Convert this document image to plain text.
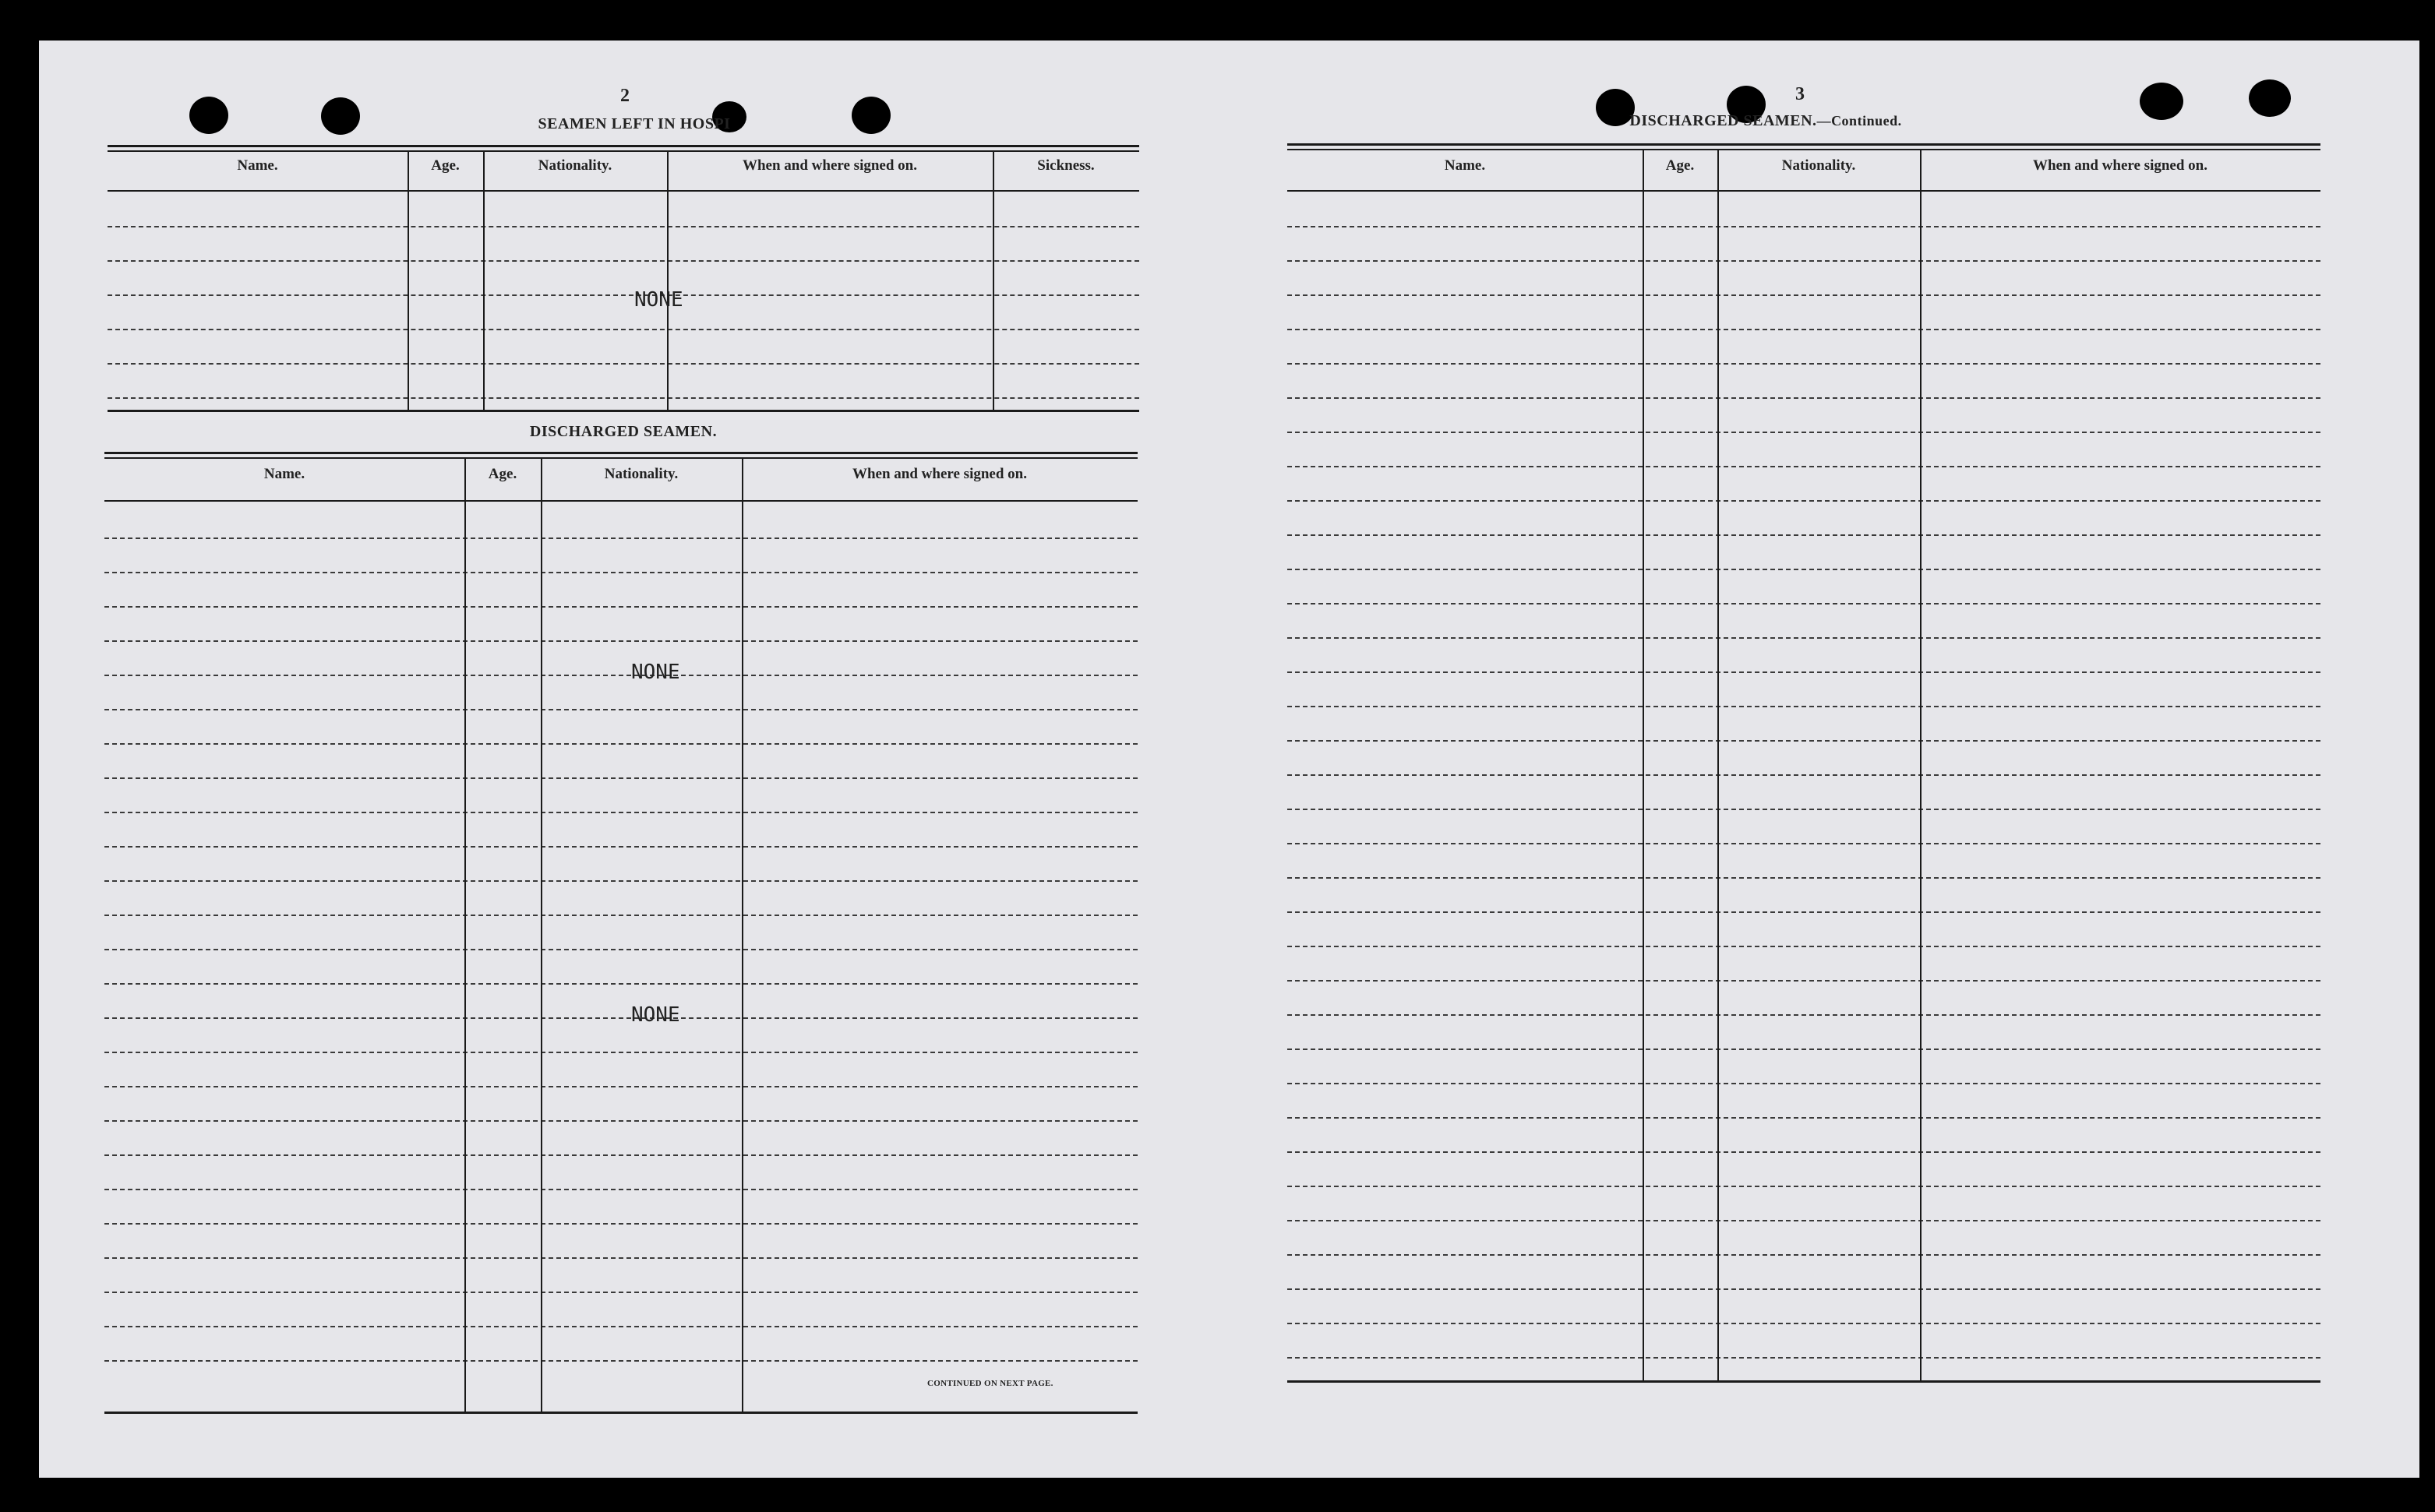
2
SEAMEN LEFT IN HOSPI
Name.	Age.	Nationality.	When and where signed on.	Sickness.
NONE
DISCHARGED SEAMEN.
Name.	Age.	Nationality.	When and where signed on.
NONE
NONE
CONTINUED ON NEXT PAGE.
3
DISCHARGED SEAMEN.—Continued.
Name.	Age.	Nationality.	When and where signed on.
